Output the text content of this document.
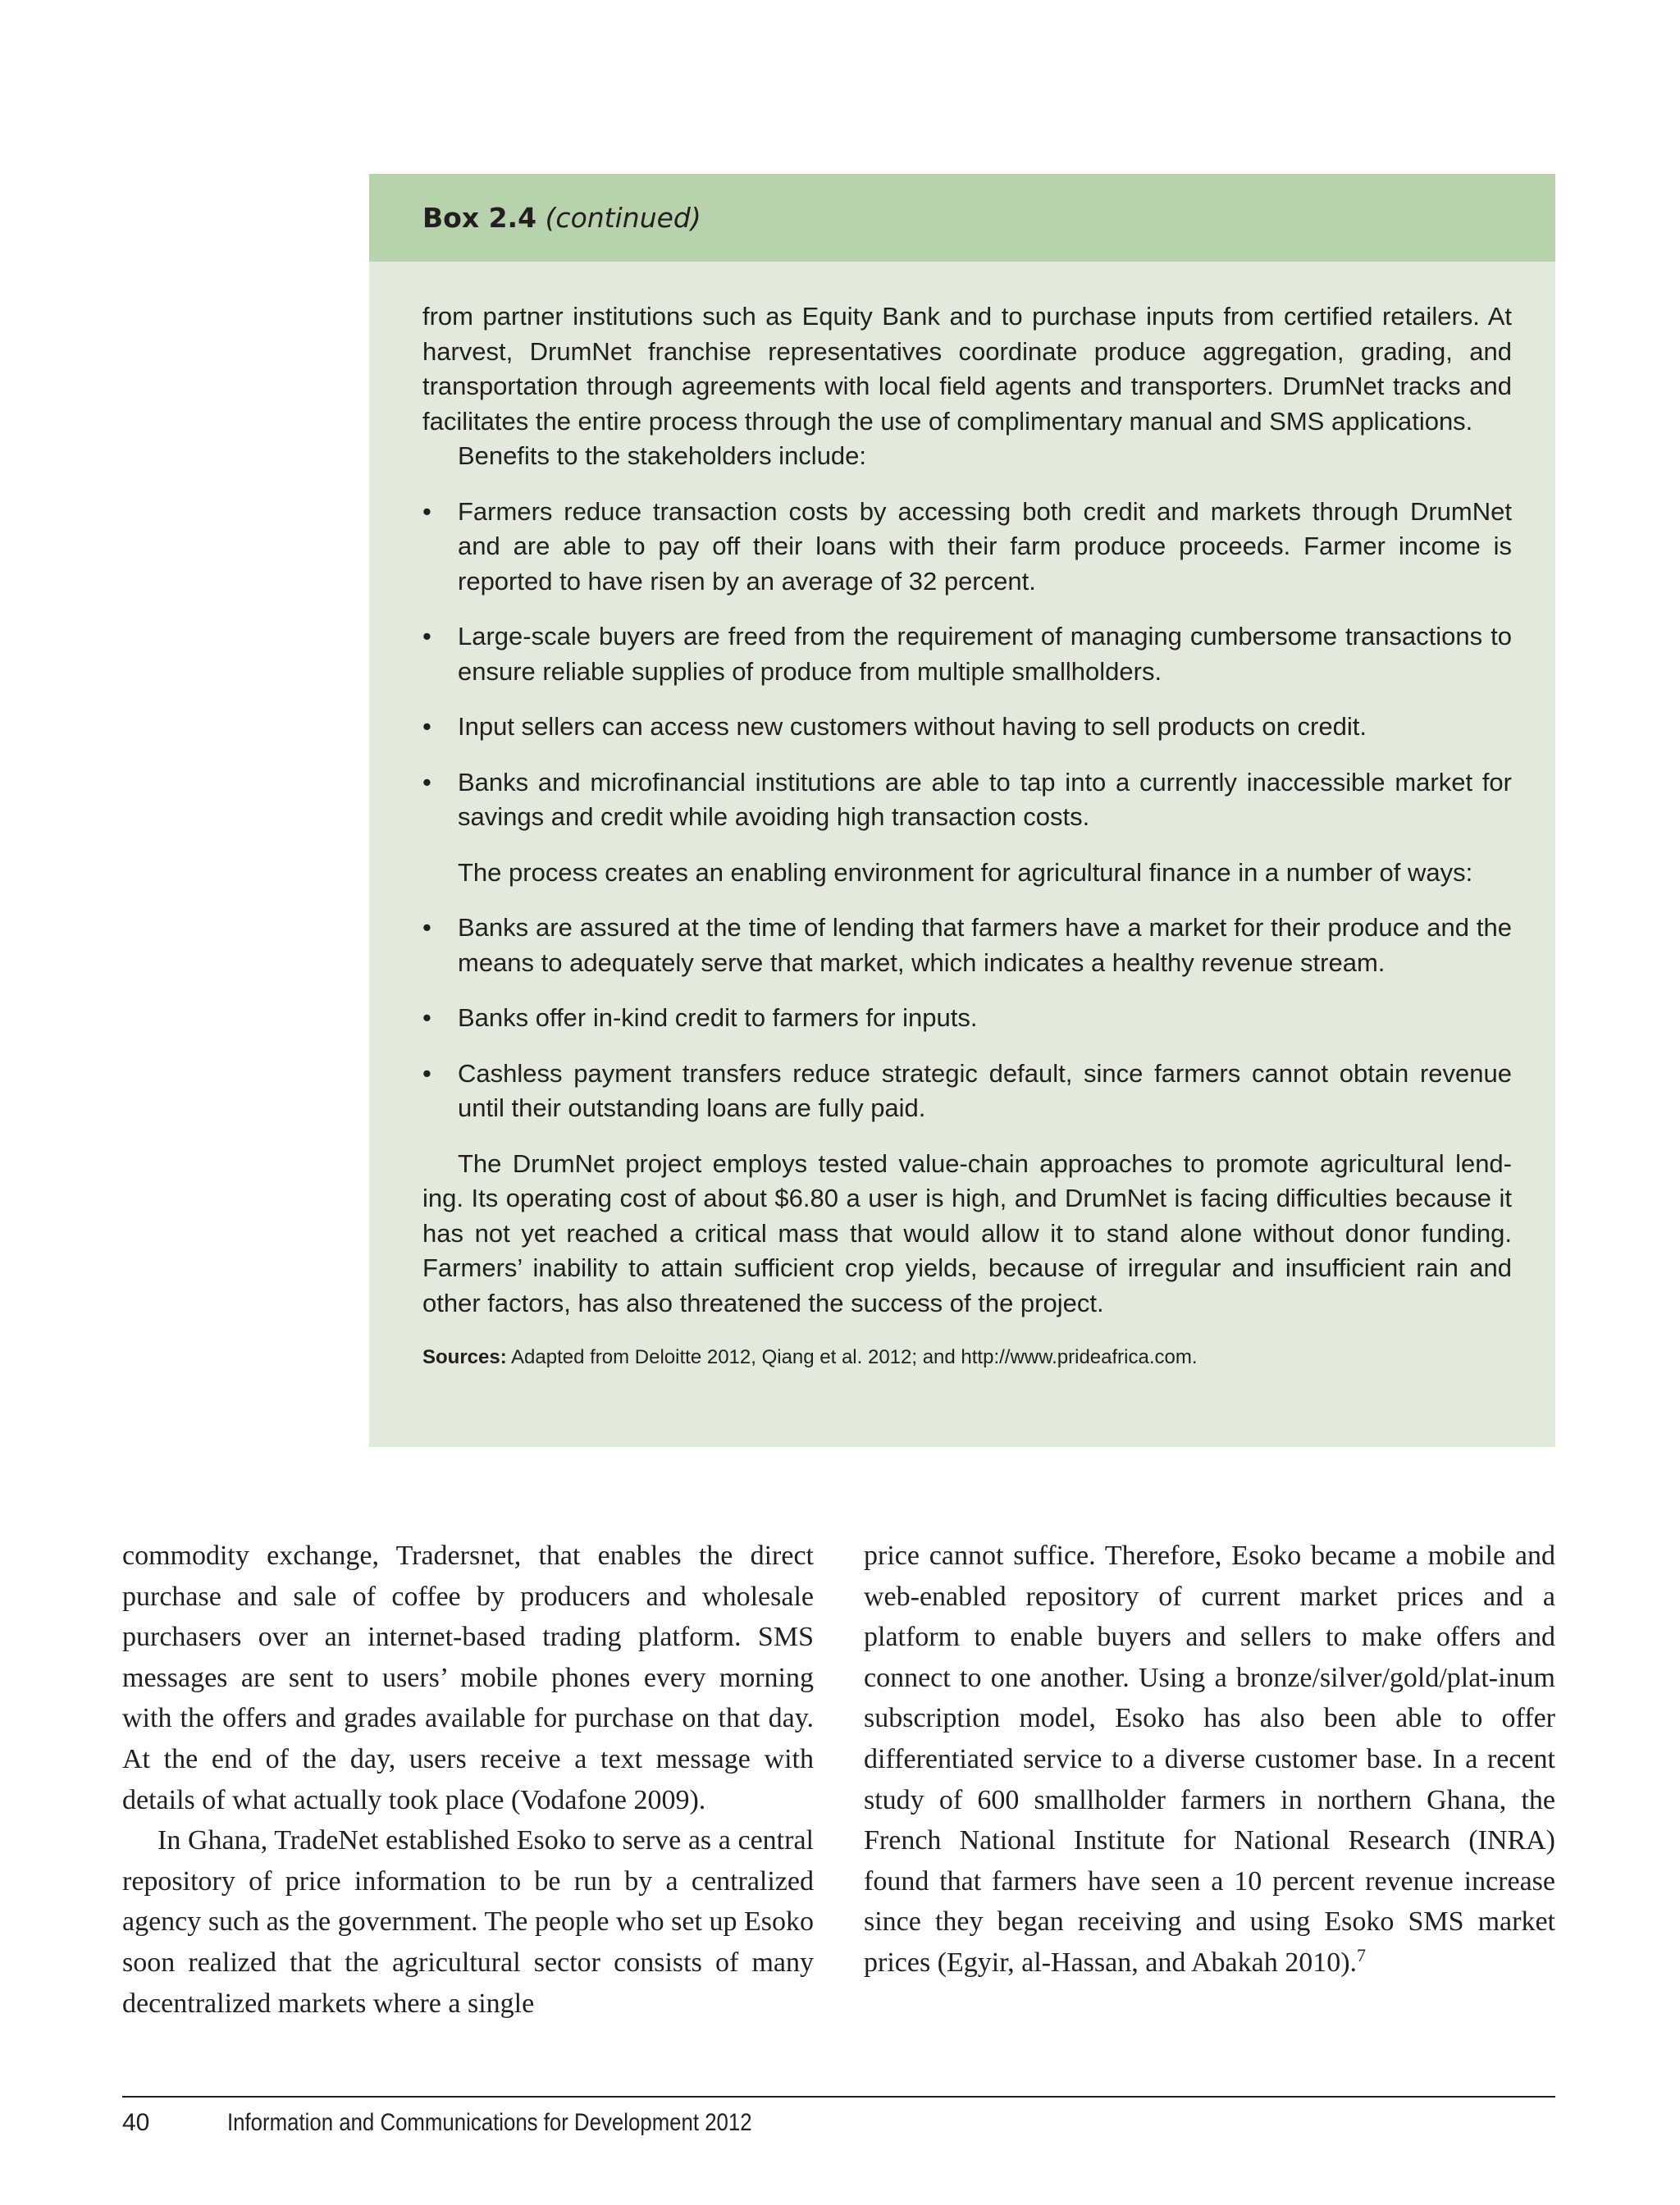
Box 2.4 (continued)

from partner institutions such as Equity Bank and to purchase inputs from certified retailers. At harvest, DrumNet franchise representatives coordinate produce aggregation, grading, and transportation through agreements with local field agents and transporters. DrumNet tracks and facilitates the entire process through the use of complimentary manual and SMS applications.

Benefits to the stakeholders include:

• Farmers reduce transaction costs by accessing both credit and markets through DrumNet and are able to pay off their loans with their farm produce proceeds. Farmer income is reported to have risen by an average of 32 percent.
• Large-scale buyers are freed from the requirement of managing cumbersome transactions to ensure reliable supplies of produce from multiple smallholders.
• Input sellers can access new customers without having to sell products on credit.
• Banks and microfinancial institutions are able to tap into a currently inaccessible market for savings and credit while avoiding high transaction costs.

The process creates an enabling environment for agricultural finance in a number of ways:

• Banks are assured at the time of lending that farmers have a market for their produce and the means to adequately serve that market, which indicates a healthy revenue stream.
• Banks offer in-kind credit to farmers for inputs.
• Cashless payment transfers reduce strategic default, since farmers cannot obtain revenue until their outstanding loans are fully paid.

The DrumNet project employs tested value-chain approaches to promote agricultural lend-ing. Its operating cost of about $6.80 a user is high, and DrumNet is facing difficulties because it has not yet reached a critical mass that would allow it to stand alone without donor funding. Farmers’ inability to attain sufficient crop yields, because of irregular and insufficient rain and other factors, has also threatened the success of the project.

Sources: Adapted from Deloitte 2012, Qiang et al. 2012; and http://www.prideafrica.com.

commodity exchange, Tradersnet, that enables the direct purchase and sale of coffee by producers and wholesale purchasers over an internet-based trading platform. SMS messages are sent to users’ mobile phones every morning with the offers and grades available for purchase on that day. At the end of the day, users receive a text message with details of what actually took place (Vodafone 2009).

In Ghana, TradeNet established Esoko to serve as a central repository of price information to be run by a centralized agency such as the government. The people who set up Esoko soon realized that the agricultural sector consists of many decentralized markets where a single

price cannot suffice. Therefore, Esoko became a mobile and web-enabled repository of current market prices and a platform to enable buyers and sellers to make offers and connect to one another. Using a bronze/silver/gold/plat-inum subscription model, Esoko has also been able to offer differentiated service to a diverse customer base. In a recent study of 600 smallholder farmers in northern Ghana, the French National Institute for National Research (INRA) found that farmers have seen a 10 percent revenue increase since they began receiving and using Esoko SMS market prices (Egyir, al-Hassan, and Abakah 2010).$^7$

40	Information and Communications for Development 2012
